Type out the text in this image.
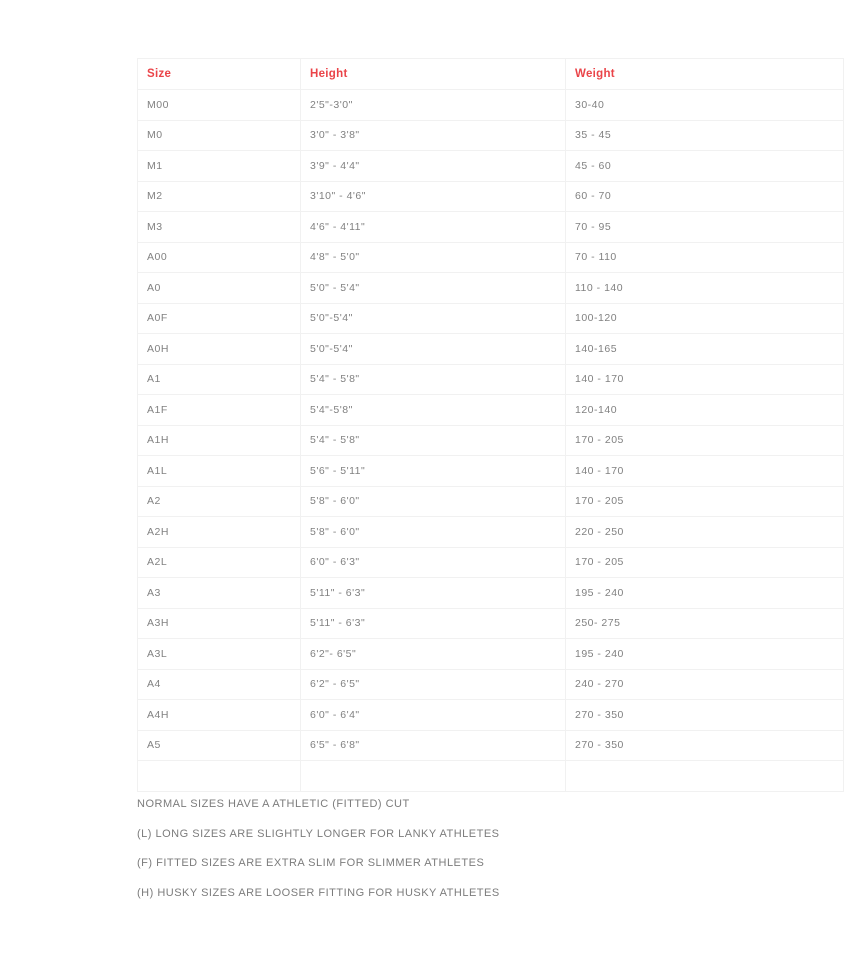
Size	Height	Weight
M00	2'5"-3'0"	30-40
M0	3'0" - 3'8"	35 - 45
M1	3'9" - 4'4"	45 - 60
M2	3'10" - 4'6"	60 - 70
M3	4'6" - 4'11"	70 - 95
A00	4'8" - 5'0"	70 - 110
A0	5'0" - 5'4"	110 - 140
A0F	5'0"-5'4"	100-120
A0H	5'0"-5'4"	140-165
A1	5'4" - 5'8"	140 - 170
A1F	5'4"-5'8"	120-140
A1H	5'4" - 5'8"	170 - 205
A1L	5'6" - 5'11"	140 - 170
A2	5'8" - 6'0"	170 - 205
A2H	5'8" - 6'0"	220 - 250
A2L	6'0" - 6'3"	170 - 205
A3	5'11" - 6'3"	195 - 240
A3H	5'11" - 6'3"	250- 275
A3L	6'2"- 6'5"	195 - 240
A4	6'2" - 6'5"	240 - 270
A4H	6'0" - 6'4"	270 - 350
A5	6'5" - 6'8"	270 - 350

NORMAL SIZES HAVE A ATHLETIC (FITTED) CUT

(L) LONG SIZES ARE SLIGHTLY LONGER FOR LANKY ATHLETES

(F) FITTED SIZES ARE EXTRA SLIM FOR SLIMMER ATHLETES

(H) HUSKY SIZES ARE LOOSER FITTING FOR HUSKY ATHLETES
